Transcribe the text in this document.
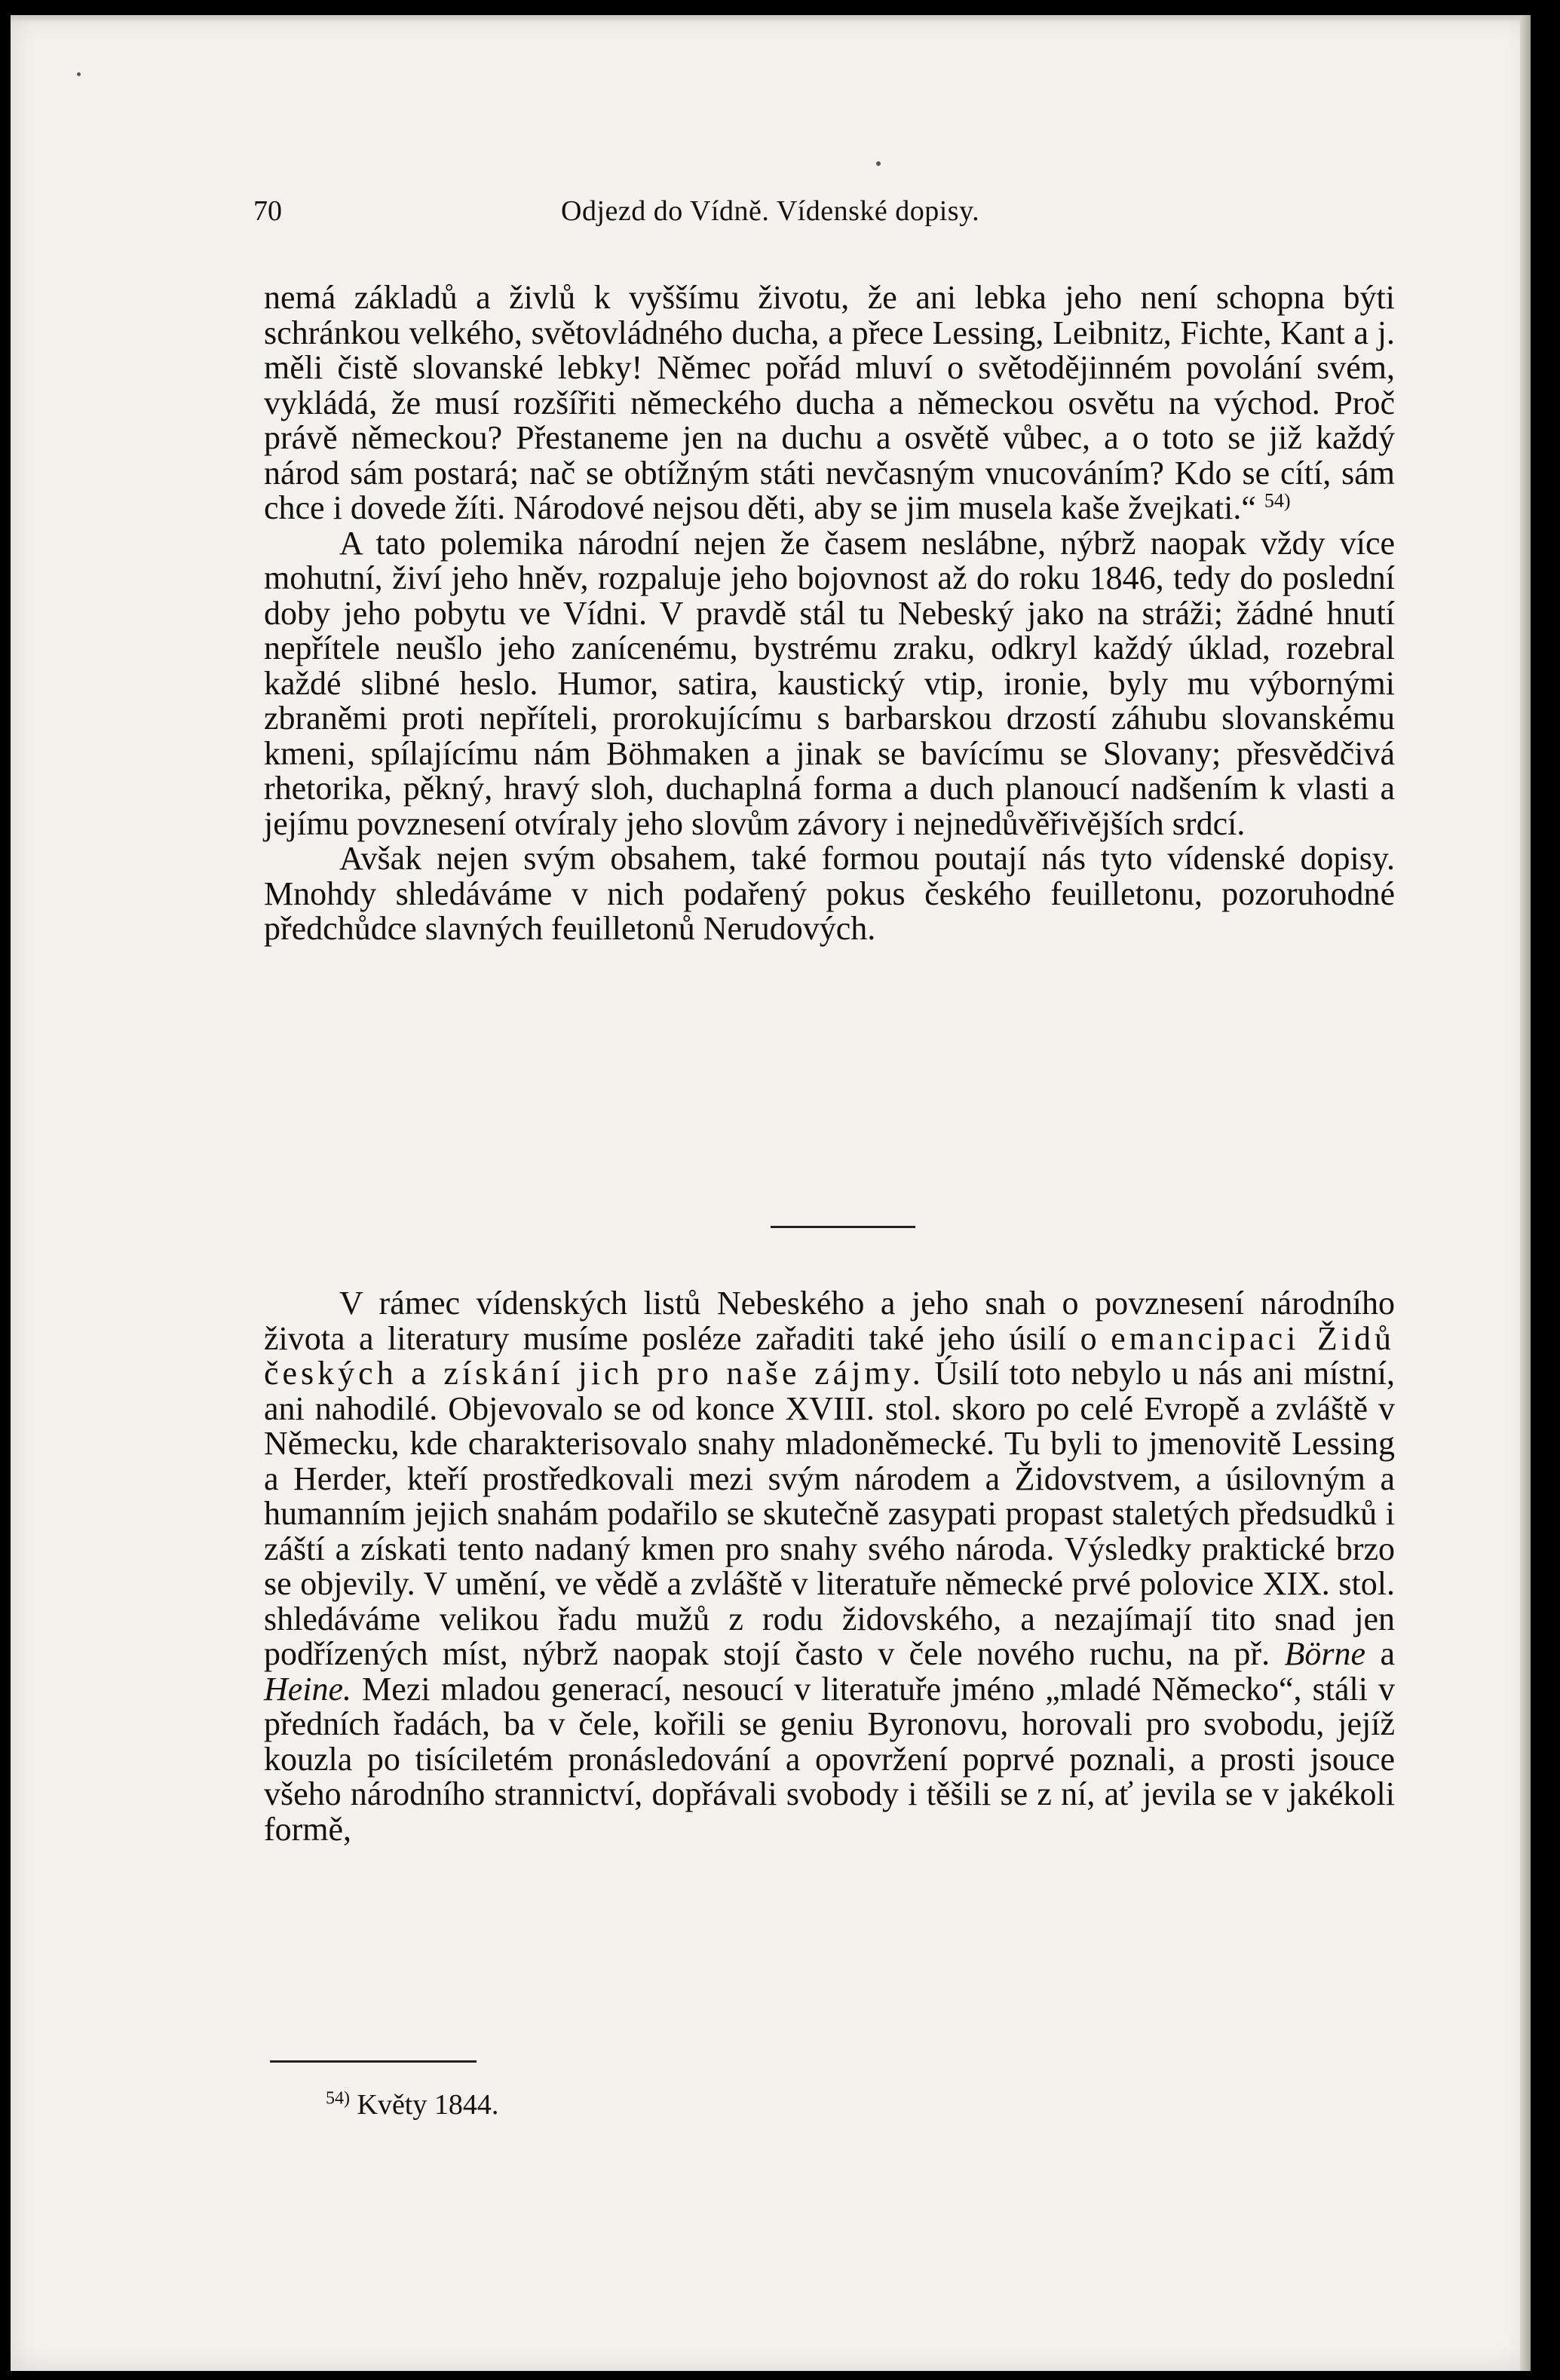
70	Odjezd do Vídně. Vídenské dopisy.

nemá základů a živlů k vyššímu životu, že ani lebka jeho není schopna býti schránkou velkého, světovládného ducha, a přece Lessing, Leibnitz, Fichte, Kant a j. měli čistě slovanské lebky! Němec pořád mluví o světodějinném povolání svém, vykládá, že musí rozšířiti německého ducha a německou osvětu na východ. Proč právě německou? Přestaneme jen na duchu a osvětě vůbec, a o toto se již každý národ sám postará; nač se obtížným státi nevčasným vnucováním? Kdo se cítí, sám chce i dovede žíti. Národové nejsou děti, aby se jim musela kaše žvejkati.“ $^{54)}$

A tato polemika národní nejen že časem neslábne, nýbrž naopak vždy více mohutní, živí jeho hněv, rozpaluje jeho bojovnost až do roku 1846, tedy do poslední doby jeho pobytu ve Vídni. V pravdě stál tu Nebeský jako na stráži; žádné hnutí nepřítele neušlo jeho zanícenému, bystrému zraku, odkryl každý úklad, rozebral každé slibné heslo. Humor, satira, kaustický vtip, ironie, byly mu výbornými zbraněmi proti nepříteli, prorokujícímu s barbarskou drzostí záhubu slovanskému kmeni, spílajícímu nám Böhmaken a jinak se bavícímu se Slovany; přesvědčivá rhetorika, pěkný, hravý sloh, duchaplná forma a duch planoucí nadšením k vlasti a jejímu povznesení otvíraly jeho slovům závory i nejnedůvěřivějších srdcí.

Avšak nejen svým obsahem, také formou poutají nás tyto vídenské dopisy. Mnohdy shledáváme v nich podařený pokus českého feuilletonu, pozoruhodné předchůdce slavných feuilletonů Nerudových.

V rámec vídenských listů Nebeského a jeho snah o povznesení národního života a literatury musíme posléze zařaditi také jeho úsilí o emancipaci Židů českých a získání jich pro naše zájmy. Úsilí toto nebylo u nás ani místní, ani nahodilé. Objevovalo se od konce XVIII. stol. skoro po celé Evropě a zvláště v Německu, kde charakterisovalo snahy mladoněmecké. Tu byli to jmenovitě Lessing a Herder, kteří prostředkovali mezi svým národem a Židovstvem, a úsilovným a humanním jejich snahám podařilo se skutečně zasypati propast staletých předsudků i záští a získati tento nadaný kmen pro snahy svého národa. Výsledky praktické brzo se objevily. V umění, ve vědě a zvláště v literatuře německé prvé polovice XIX. stol. shledáváme velikou řadu mužů z rodu židovského, a nezajímají tito snad jen podřízených míst, nýbrž naopak stojí často v čele nového ruchu, na př. Börne a Heine. Mezi mladou generací, nesoucí v literatuře jméno „mladé Německo“, stáli v předních řadách, ba v čele, kořili se geniu Byronovu, horovali pro svobodu, jejíž kouzla po tisíciletém pronásledování a opovržení poprvé poznali, a prosti jsouce všeho národního strannictví, dopřávali svobody i těšili se z ní, ať jevila se v jakékoli formě,

$^{54)}$ Květy 1844.
